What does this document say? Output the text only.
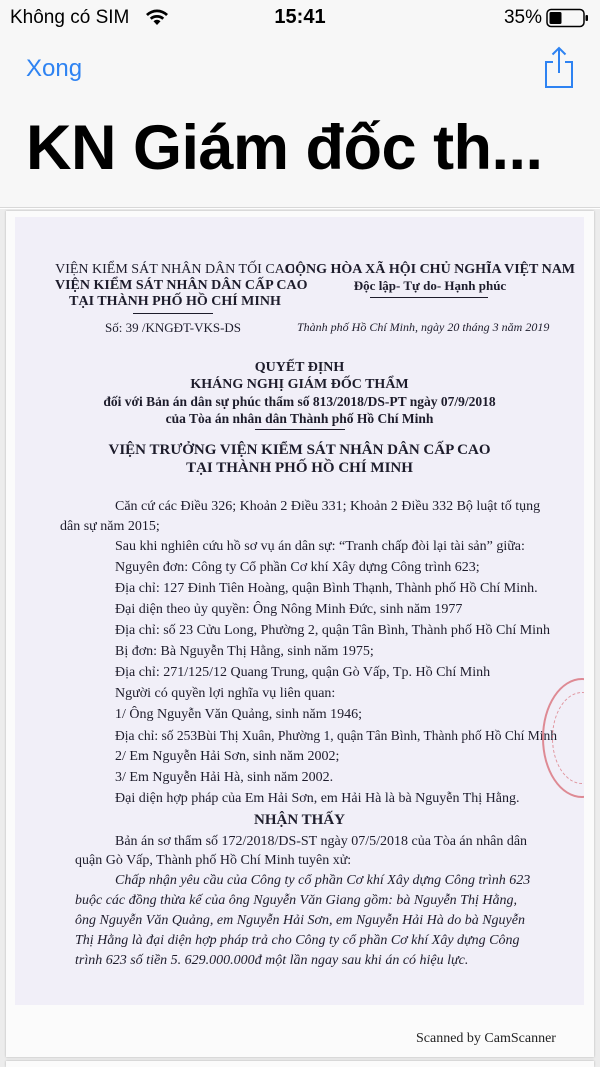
Không có SIM	15:41	35%
Xong
KN Giám đốc th...
VIỆN KIỂM SÁT NHÂN DÂN TỐI CAO
VIỆN KIỂM SÁT NHÂN DÂN CẤP CAO
TẠI THÀNH PHỐ HỒ CHÍ MINH
CỘNG HÒA XÃ HỘI CHỦ NGHĨA VIỆT NAM
Độc lập- Tự do- Hạnh phúc
Số: 39 /KNGĐT-VKS-DS	Thành phố Hồ Chí Minh, ngày 20 tháng 3 năm 2019
QUYẾT ĐỊNH
KHÁNG NGHỊ GIÁM ĐỐC THẨM
đối với Bản án dân sự phúc thẩm số 813/2018/DS-PT ngày 07/9/2018
của Tòa án nhân dân Thành phố Hồ Chí Minh
VIỆN TRƯỞNG VIỆN KIỂM SÁT NHÂN DÂN CẤP CAO
TẠI THÀNH PHỐ HỒ CHÍ MINH
Căn cứ các Điều 326; Khoản 2 Điều 331; Khoản 2 Điều 332 Bộ luật tố tụng
dân sự năm 2015;
Sau khi nghiên cứu hồ sơ vụ án dân sự: “Tranh chấp đòi lại tài sản” giữa:
Nguyên đơn: Công ty Cổ phần Cơ khí Xây dựng Công trình 623;
Địa chỉ: 127 Đinh Tiên Hoàng, quận Bình Thạnh, Thành phố Hồ Chí Minh.
Đại diện theo ủy quyền: Ông Nông Minh Đức, sinh năm 1977
Địa chỉ: số 23 Cửu Long, Phường 2, quận Tân Bình, Thành phố Hồ Chí Minh
Bị đơn: Bà Nguyễn Thị Hằng, sinh năm 1975;
Địa chỉ: 271/125/12 Quang Trung, quận Gò Vấp, Tp. Hồ Chí Minh
Người có quyền lợi nghĩa vụ liên quan:
1/ Ông Nguyễn Văn Quảng, sinh năm 1946;
Địa chỉ: số 253Bùi Thị Xuân, Phường 1, quận Tân Bình, Thành phố Hồ Chí Minh
2/ Em Nguyễn Hải Sơn, sinh năm 2002;
3/ Em Nguyễn Hải Hà, sinh năm 2002.
Đại diện hợp pháp của Em Hải Sơn, em Hải Hà là bà Nguyễn Thị Hằng.
NHẬN THẤY
Bản án sơ thẩm số 172/2018/DS-ST ngày 07/5/2018 của Tòa án nhân dân
quận Gò Vấp, Thành phố Hồ Chí Minh tuyên xử:
Chấp nhận yêu cầu của Công ty cổ phần Cơ khí Xây dựng Công trình 623
buộc các đồng thừa kế của ông Nguyễn Văn Giang gồm: bà Nguyễn Thị Hằng,
ông Nguyễn Văn Quảng, em Nguyễn Hải Sơn, em Nguyễn Hải Hà do bà Nguyễn
Thị Hằng là đại diện hợp pháp trả cho Công ty cổ phần Cơ khí Xây dựng Công
trình 623 số tiền 5. 629.000.000đ một lần ngay sau khi án có hiệu lực.
Scanned by CamScanner
